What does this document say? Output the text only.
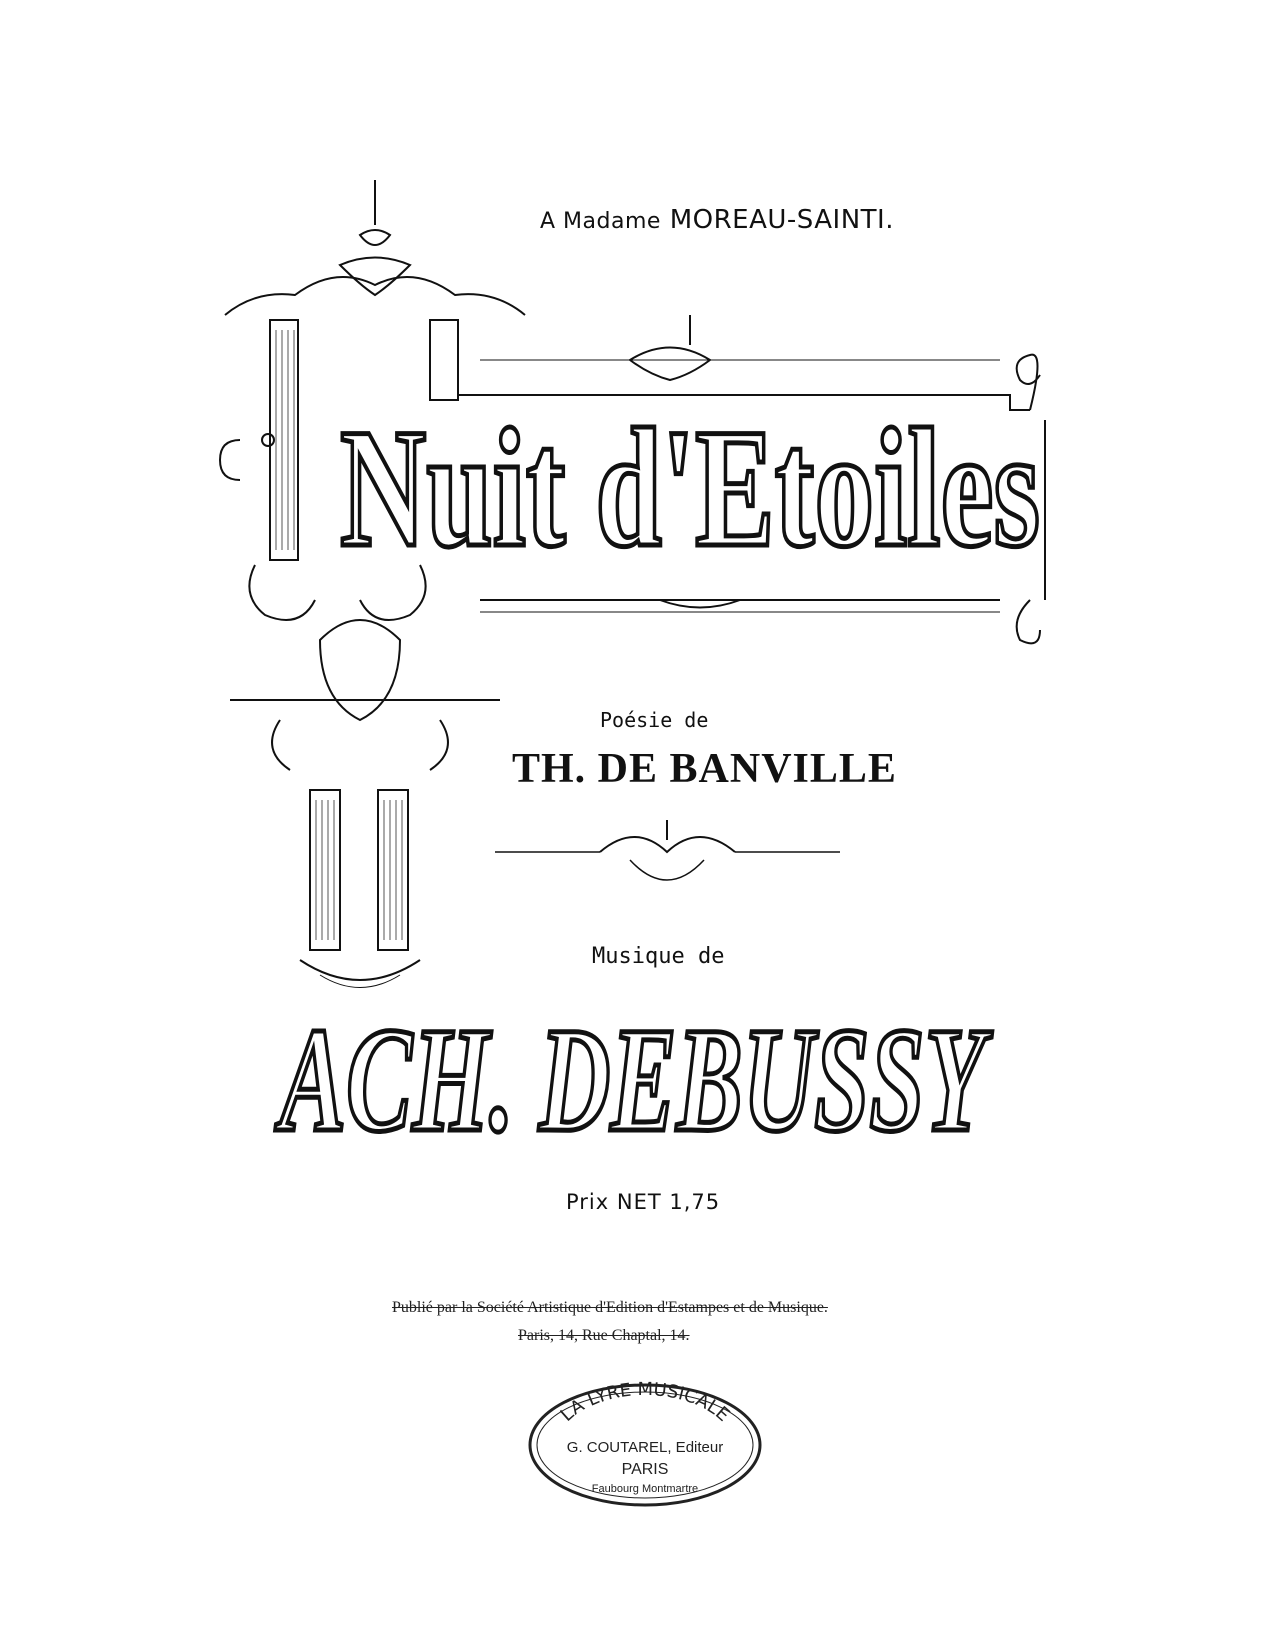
A Madame MOREAU-SAINTI.
Nuit d'Etoiles
Poésie de
TH. DE BANVILLE
Musique de
ACH. DEBUSSY
Prix NET 1,75
Publié par la Société Artistique d'Edition d'Estampes et de Musique.
Paris, 14, Rue Chaptal, 14.
LA LYRE MUSICALE
G. COUTAREL, Editeur
PARIS
Faubourg Montmartre
